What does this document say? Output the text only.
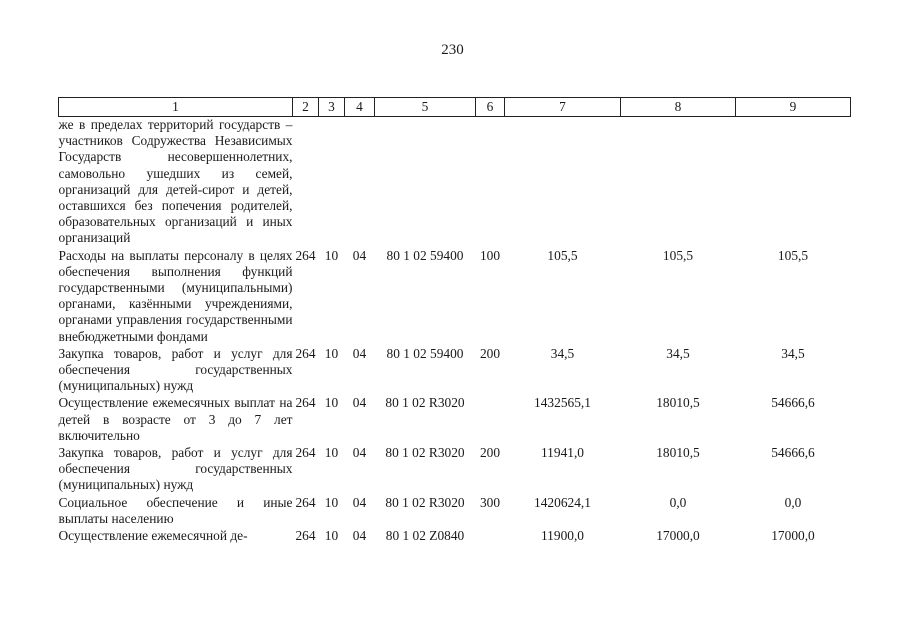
230
1	2	3	4	5	6	7	8	9
же в пределах территорий государств – участников Содружества Независимых Государств несовершеннолетних, самовольно ушедших из семей, организаций для детей-сирот и детей, оставшихся без попечения родителей, образовательных организаций и иных организаций								
Расходы на выплаты персоналу в целях обеспечения выполнения функций государственными (муниципальными) органами, казёнными учреждениями, органами управления государственными внебюджетными фондами	264	10	04	80 1 02 59400	100	105,5	105,5	105,5
Закупка товаров, работ и услуг для обеспечения государственных (муниципальных) нужд	264	10	04	80 1 02 59400	200	34,5	34,5	34,5
Осуществление ежемесячных выплат на детей в возрасте от 3 до 7 лет включительно	264	10	04	80 1 02 R3020		1432565,1	18010,5	54666,6
Закупка товаров, работ и услуг для обеспечения государственных (муниципальных) нужд	264	10	04	80 1 02 R3020	200	11941,0	18010,5	54666,6
Социальное обеспечение и иные выплаты населению	264	10	04	80 1 02 R3020	300	1420624,1	0,0	0,0
Осуществление ежемесячной де-	264	10	04	80 1 02 Z0840		11900,0	17000,0	17000,0
